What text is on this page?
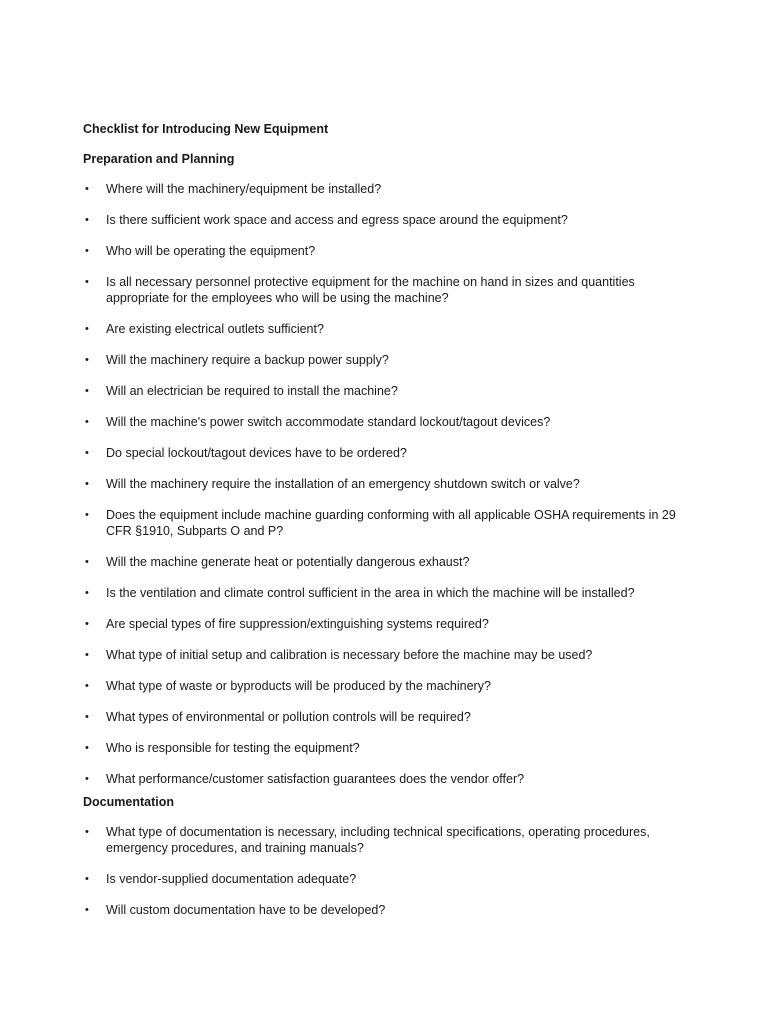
Checklist for Introducing New Equipment
Preparation and Planning
• Where will the machinery/equipment be installed?
• Is there sufficient work space and access and egress space around the equipment?
• Who will be operating the equipment?
• Is all necessary personnel protective equipment for the machine on hand in sizes and quantities appropriate for the employees who will be using the machine?
• Are existing electrical outlets sufficient?
• Will the machinery require a backup power supply?
• Will an electrician be required to install the machine?
• Will the machine's power switch accommodate standard lockout/tagout devices?
• Do special lockout/tagout devices have to be ordered?
• Will the machinery require the installation of an emergency shutdown switch or valve?
• Does the equipment include machine guarding conforming with all applicable OSHA requirements in 29 CFR §1910, Subparts O and P?
• Will the machine generate heat or potentially dangerous exhaust?
• Is the ventilation and climate control sufficient in the area in which the machine will be installed?
• Are special types of fire suppression/extinguishing systems required?
• What type of initial setup and calibration is necessary before the machine may be used?
• What type of waste or byproducts will be produced by the machinery?
• What types of environmental or pollution controls will be required?
• Who is responsible for testing the equipment?
• What performance/customer satisfaction guarantees does the vendor offer?
Documentation
• What type of documentation is necessary, including technical specifications, operating procedures, emergency procedures, and training manuals?
• Is vendor-supplied documentation adequate?
• Will custom documentation have to be developed?
